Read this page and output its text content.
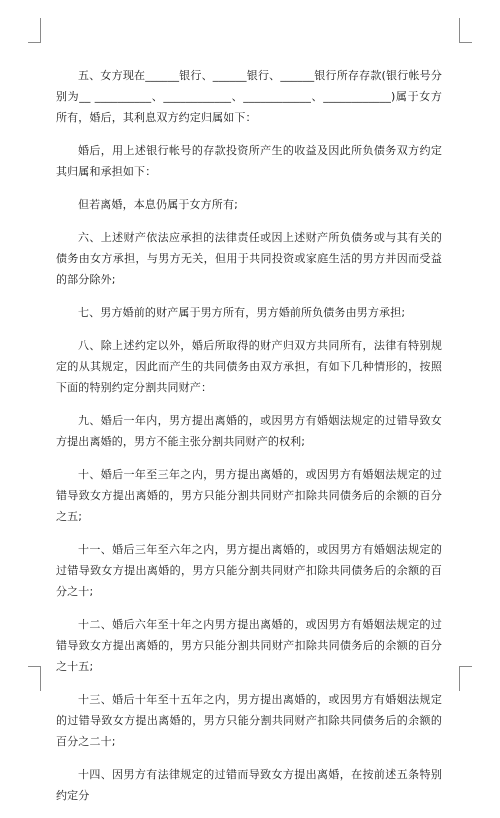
五、女方现在______银行、______银行、______银行所存存款(银行帐号分别为__ __________、____________、____________、____________)属于女方所有，婚后，其利息双方约定归属如下：

婚后，用上述银行帐号的存款投资所产生的收益及因此所负债务双方约定其归属和承担如下：

但若离婚，本息仍属于女方所有;

六、上述财产依法应承担的法律责任或因上述财产所负债务或与其有关的债务由女方承担，与男方无关，但用于共同投资或家庭生活的男方并因而受益的部分除外;

七、男方婚前的财产属于男方所有，男方婚前所负债务由男方承担;

八、除上述约定以外，婚后所取得的财产归双方共同所有，法律有特别规定的从其规定，因此而产生的共同债务由双方承担，有如下几种情形的，按照下面的特别约定分割共同财产：

九、婚后一年内，男方提出离婚的，或因男方有婚姻法规定的过错导致女方提出离婚的，男方不能主张分割共同财产的权利;

十、婚后一年至三年之内，男方提出离婚的，或因男方有婚姻法规定的过错导致女方提出离婚的，男方只能分割共同财产扣除共同债务后的余额的百分之五;

十一、婚后三年至六年之内，男方提出离婚的，或因男方有婚姻法规定的过错导致女方提出离婚的，男方只能分割共同财产扣除共同债务后的余额的百分之十;

十二、婚后六年至十年之内男方提出离婚的，或因男方有婚姻法规定的过错导致女方提出离婚的，男方只能分割共同财产扣除共同债务后的余额的百分之十五;

十三、婚后十年至十五年之内，男方提出离婚的，或因男方有婚姻法规定的过错导致女方提出离婚的，男方只能分割共同财产扣除共同债务后的余额的百分之二十;

十四、因男方有法律规定的过错而导致女方提出离婚，在按前述五条特别约定分
